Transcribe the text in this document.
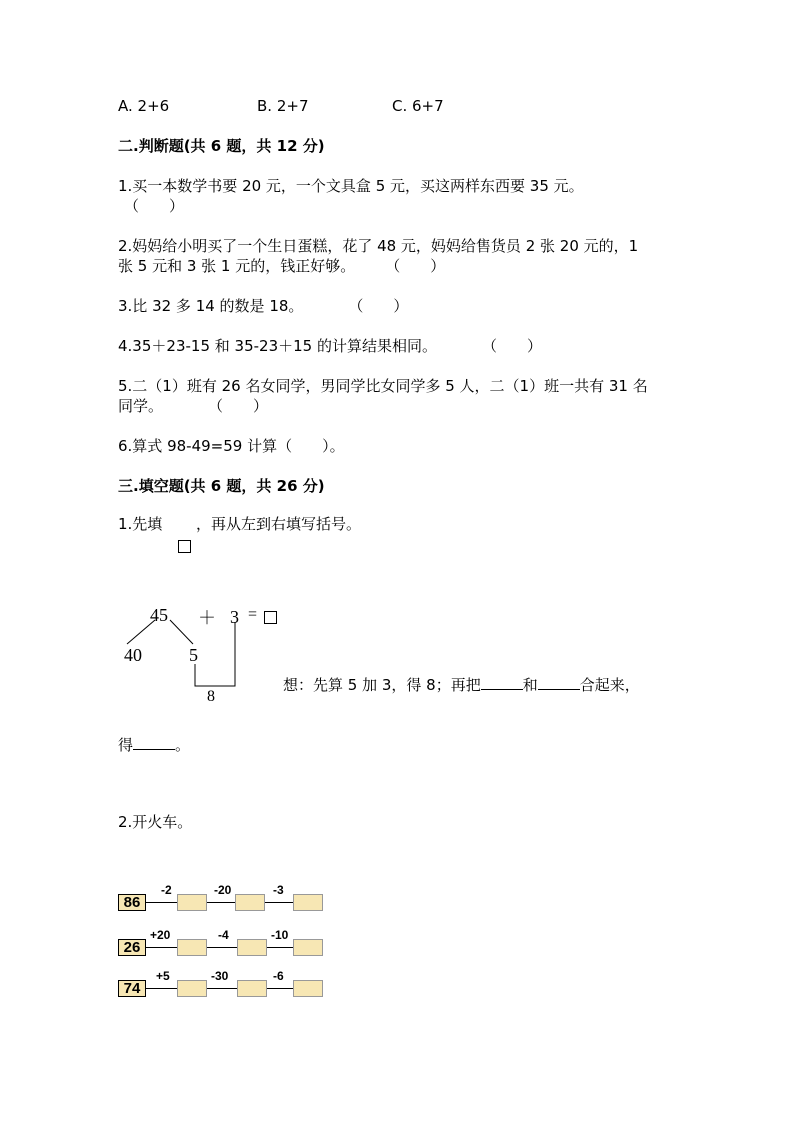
A. 2+6	B. 2+7	C. 6+7
二.判断题(共 6 题，共 12 分)
1.买一本数学书要 20 元，一个文具盒 5 元，买这两样东西要 35 元。
（　　）
2.妈妈给小明买了一个生日蛋糕，花了 48 元，妈妈给售货员 2 张 20 元的，1
张 5 元和 3 张 1 元的，钱正好够。　　　（　　）
3.比 32 多 14 的数是 18。　　　　（　　）
4.35＋23-15 和 35-23＋15 的计算结果相同。　　　　（　　）
5.二（1）班有 26 名女同学，男同学比女同学多 5 人，二（1）班一共有 31 名
同学。　　　　（　　）
6.算式 98-49=59 计算（　　）。
三.填空题(共 6 题，共 26 分)
1.先填 ，再从左到右填写括号。
45 ＋ 3 =
40	5
8
想：先算 5 加 3，得 8；再把	和	合起来，
得	。
2.开火车。
86
-2	-20	-3
26
+20	-4	-10
74
+5	-30	-6
